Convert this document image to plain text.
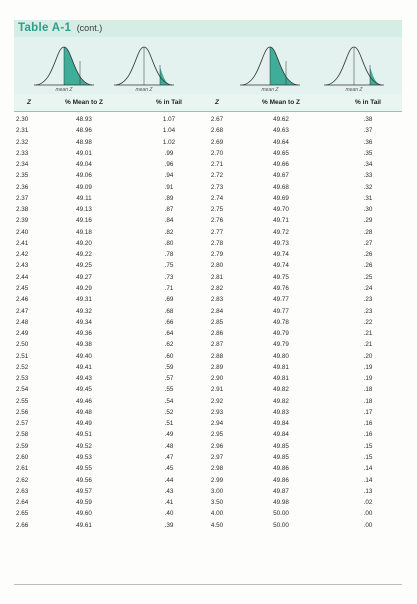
Table A-1 (cont.)
mean Z	mean Z	mean Z	mean Z
Z	% Mean to Z	% in Tail	Z	% Mean to Z	% in Tail
2.30	48.93	1.07	2.67	49.62	.38
2.31	48.96	1.04	2.68	49.63	.37
2.32	48.98	1.02	2.69	49.64	.36
2.33	49.01	.99	2.70	49.65	.35
2.34	49.04	.96	2.71	49.66	.34
2.35	49.06	.94	2.72	49.67	.33
2.36	49.09	.91	2.73	49.68	.32
2.37	49.11	.89	2.74	49.69	.31
2.38	49.13	.87	2.75	49.70	.30
2.39	49.16	.84	2.76	49.71	.29
2.40	49.18	.82	2.77	49.72	.28
2.41	49.20	.80	2.78	49.73	.27
2.42	49.22	.78	2.79	49.74	.26
2.43	49.25	.75	2.80	49.74	.26
2.44	49.27	.73	2.81	49.75	.25
2.45	49.29	.71	2.82	49.76	.24
2.46	49.31	.69	2.83	49.77	.23
2.47	49.32	.68	2.84	49.77	.23
2.48	49.34	.66	2.85	49.78	.22
2.49	49.36	.64	2.86	49.79	.21
2.50	49.38	.62	2.87	49.79	.21
2.51	49.40	.60	2.88	49.80	.20
2.52	49.41	.59	2.89	49.81	.19
2.53	49.43	.57	2.90	49.81	.19
2.54	49.45	.55	2.91	49.82	.18
2.55	49.46	.54	2.92	49.82	.18
2.56	49.48	.52	2.93	49.83	.17
2.57	49.49	.51	2.94	49.84	.16
2.58	49.51	.49	2.95	49.84	.16
2.59	49.52	.48	2.96	49.85	.15
2.60	49.53	.47	2.97	49.85	.15
2.61	49.55	.45	2.98	49.86	.14
2.62	49.56	.44	2.99	49.86	.14
2.63	49.57	.43	3.00	49.87	.13
2.64	49.59	.41	3.50	49.98	.02
2.65	49.60	.40	4.00	50.00	.00
2.66	49.61	.39	4.50	50.00	.00
